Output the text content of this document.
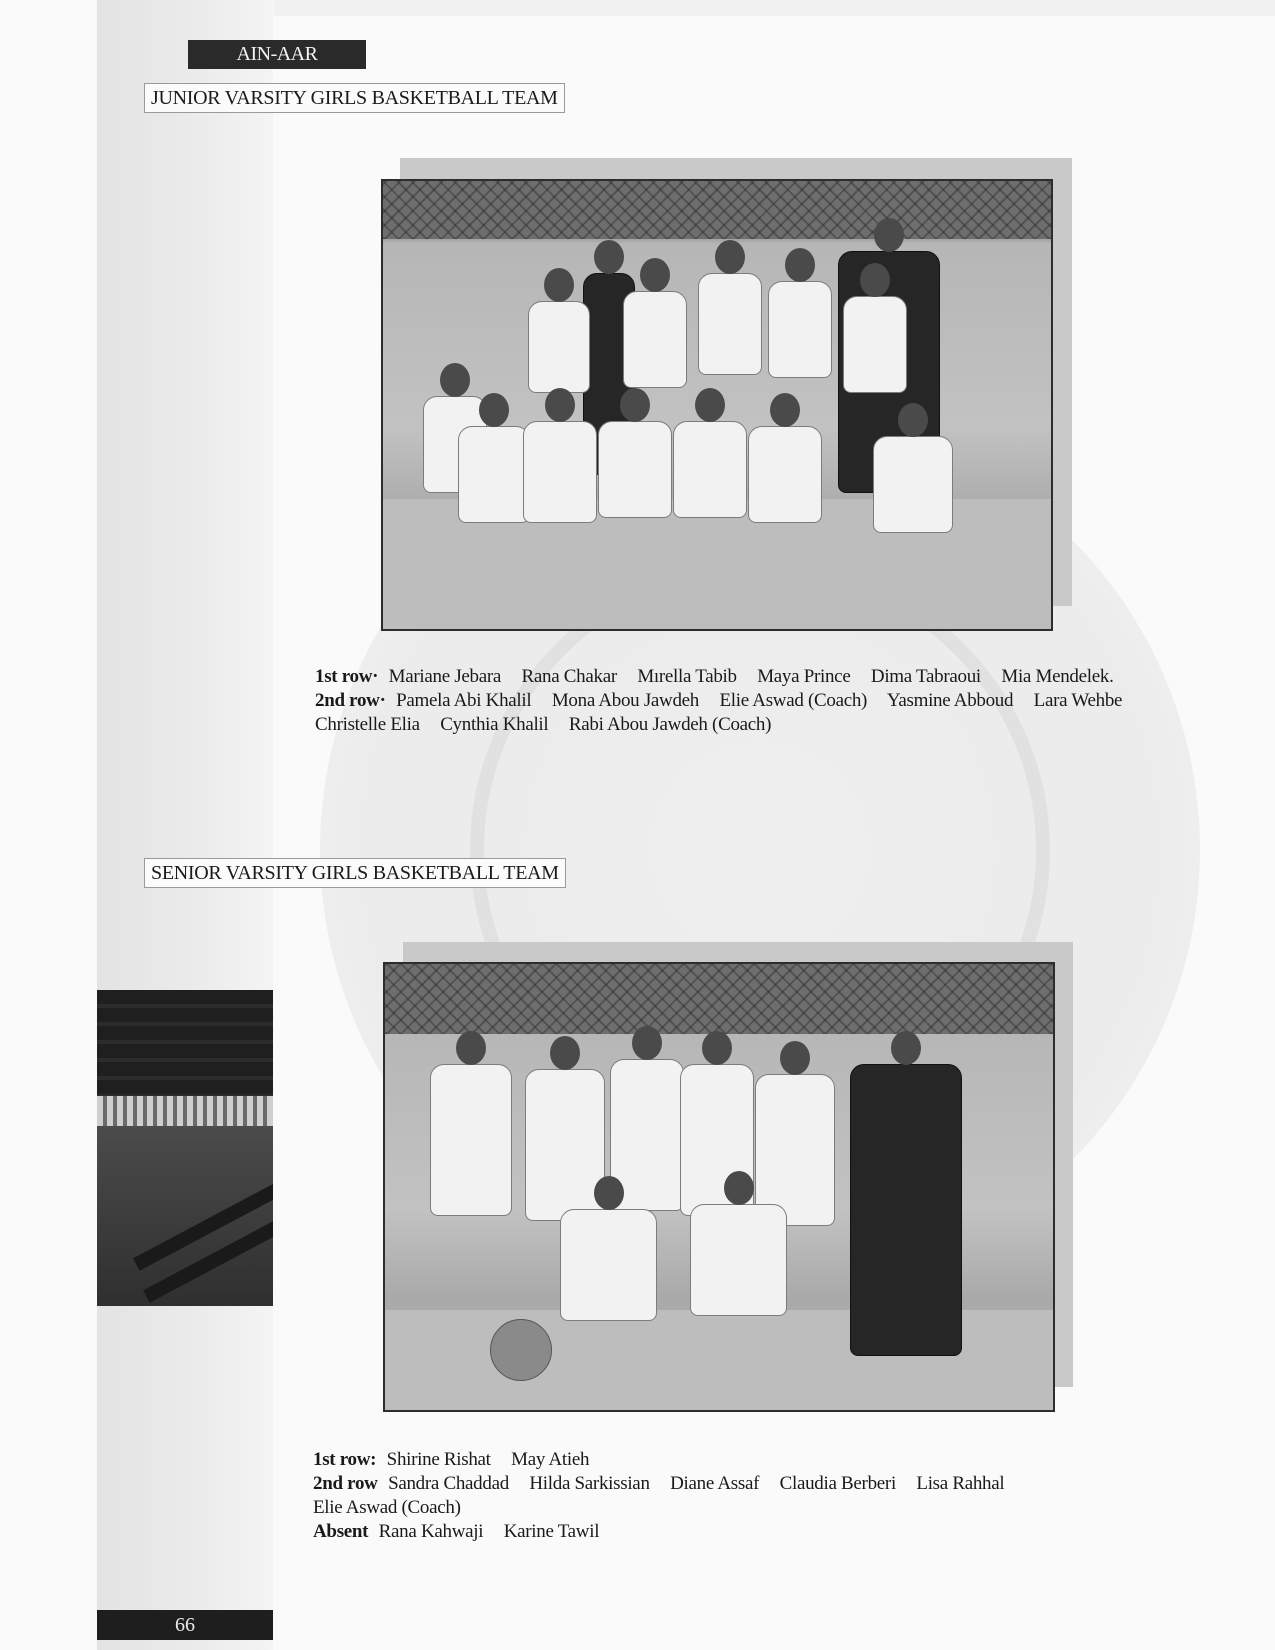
AIN-AAR
JUNIOR VARSITY GIRLS BASKETBALL TEAM

1st row· Mariane Jebara Rana Chakar Mırella Tabib Maya Prince Dima Tabraoui Mia Mendelek.

2nd row· Pamela Abi Khalil Mona Abou Jawdeh Elie Aswad (Coach) Yasmine Abboud Lara Wehbe

Christelle Elia Cynthia Khalil Rabi Abou Jawdeh (Coach)

SENIOR VARSITY GIRLS BASKETBALL TEAM

1st row: Shirine Rishat May Atieh

2nd row Sandra Chaddad Hilda Sarkissian Diane Assaf Claudia Berberi Lisa Rahhal

Elie Aswad (Coach)

Absent Rana Kahwaji Karine Tawil

66
